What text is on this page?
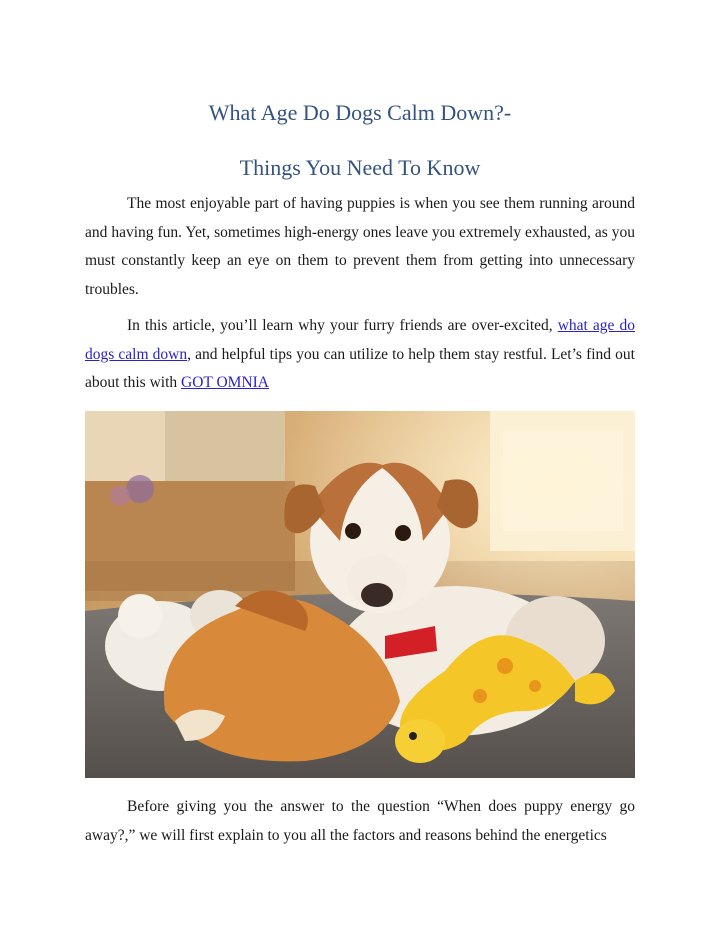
What Age Do Dogs Calm Down?-
Things You Need To Know

The most enjoyable part of having puppies is when you see them running around and having fun. Yet, sometimes high-energy ones leave you extremely exhausted, as you must constantly keep an eye on them to prevent them from getting into unnecessary troubles.

In this article, you’ll learn why your furry friends are over-excited, what age do dogs calm down, and helpful tips you can utilize to help them stay restful. Let’s find out about this with GOT OMNIA

Before giving you the answer to the question “When does puppy energy go away?,” we will first explain to you all the factors and reasons behind the energetics
